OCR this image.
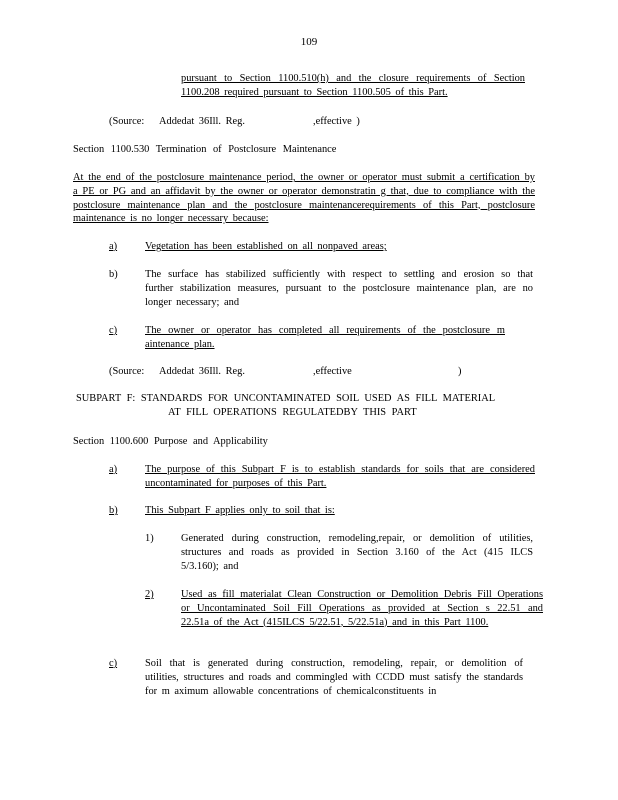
109
pursuant to Section 1100.510(h) and the closure requirements of Section 1100.208 required pursuant to Section 1100.505 of this Part.
(Source: Addedat 36Ill. Reg.	,effective )
Section 1100.530 Termination of Postclosure Maintenance
At the end of the postclosure maintenance period, the owner or operator must submit a certification by a PE or PG and an affidavit by the owner or operator demonstratin g that, due to compliance with the postclosure maintenance plan and the postclosure maintenancerequirements of this Part, postclosure maintenance is no longer necessary because:
a)	Vegetation has been established on all nonpaved areas;
b)	The surface has stabilized sufficiently with respect to settling and erosion so that further stabilization measures, pursuant to the postclosure maintenance plan, are no longer necessary; and
c)	The owner or operator has completed all requirements of the postclosure m aintenance plan.
(Source: Addedat 36Ill. Reg.	,effective	)
SUBPART F: STANDARDS FOR UNCONTAMINATED SOIL USED AS FILL MATERIAL
AT FILL OPERATIONS REGULATEDBY THIS PART
Section 1100.600 Purpose and Applicability
a)	The purpose of this Subpart F is to establish standards for soils that are considered uncontaminated for purposes of this Part.
b)	This Subpart F applies only to soil that is:
1)	Generated during construction, remodeling,repair, or demolition of utilities, structures and roads as provided in Section 3.160 of the Act (415 ILCS 5/3.160); and
2)	Used as fill materialat Clean Construction or Demolition Debris Fill Operations or Uncontaminated Soil Fill Operations as provided at Section s 22.51 and 22.51a of the Act (415ILCS 5/22.51, 5/22.51a) and in this Part 1100.
c)	Soil that is generated during construction, remodeling, repair, or demolition of utilities, structures and roads and commingled with CCDD must satisfy the standards for m aximum allowable concentrations of chemicalconstituents in
